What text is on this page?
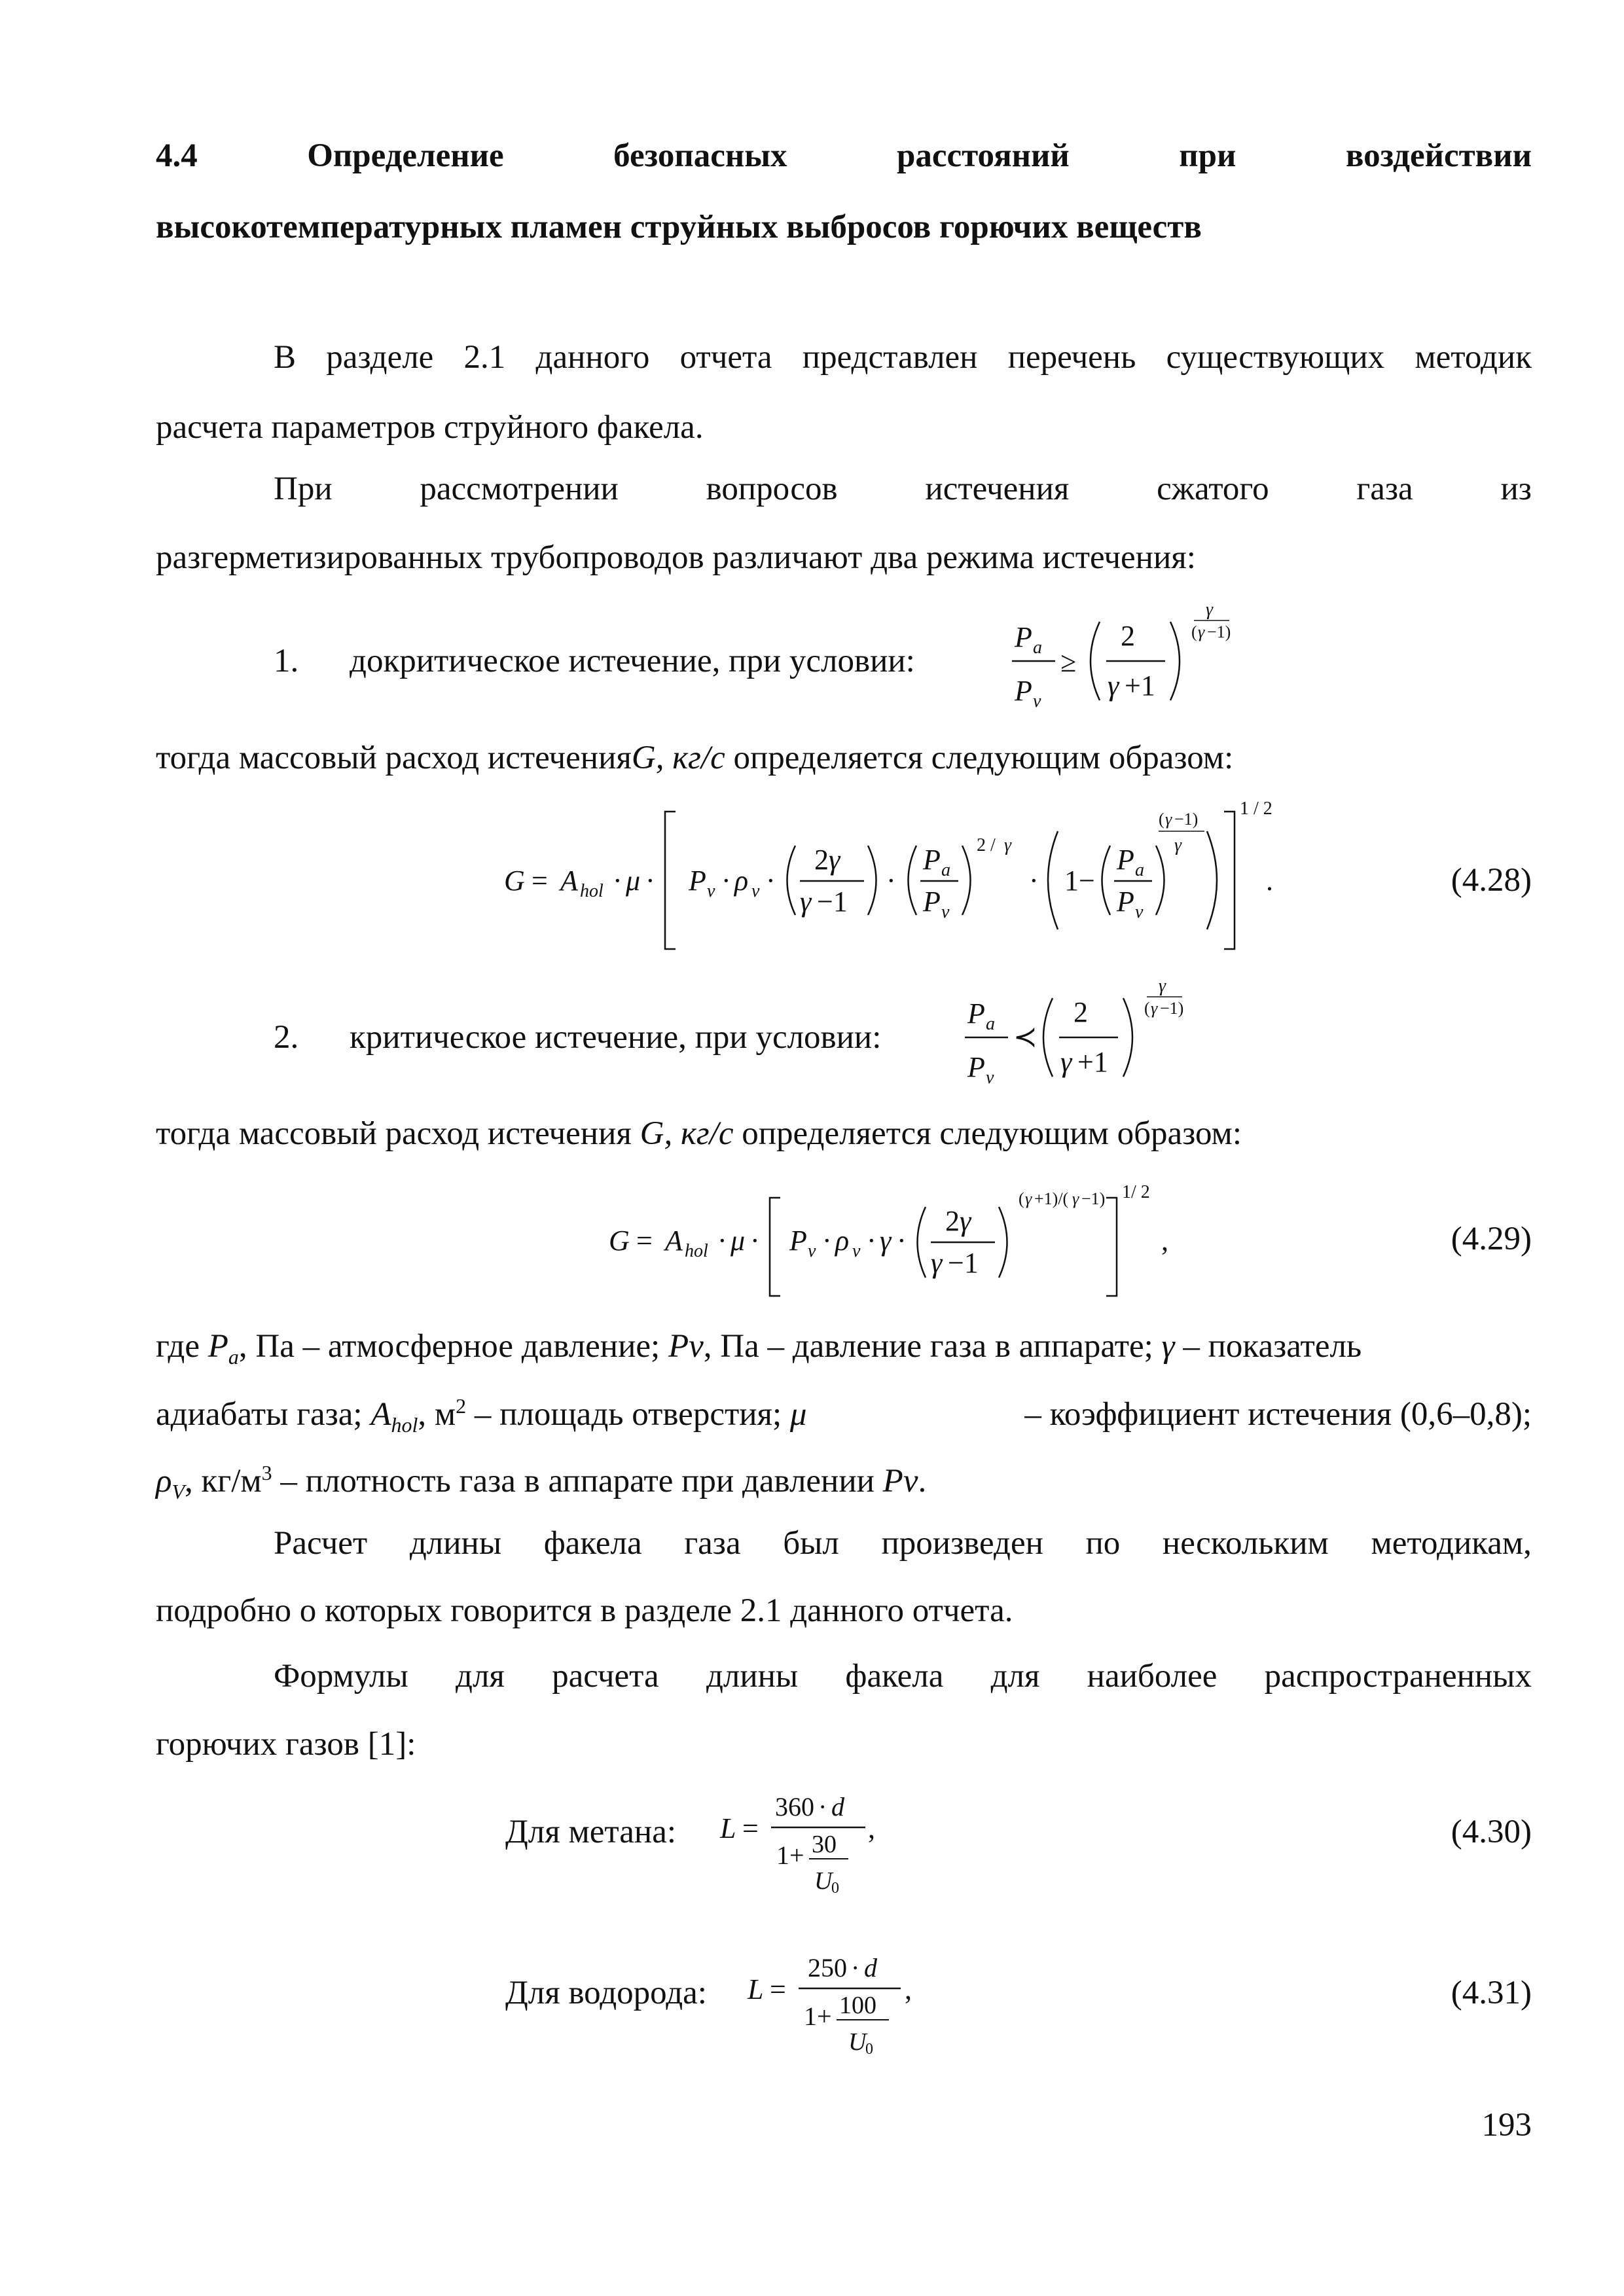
4.4	Определение	безопасных	расстояний	при	воздействии
высокотемпературных пламен струйных выбросов горючих веществ
В разделе 2.1 данного отчета представлен перечень существующих методик
расчета параметров струйного факела.
При	рассмотрении	вопросов	истечения	сжатого	газа	из
разгерметизированных трубопроводов различают два режима истечения:
1. докритическое истечение, при условии:
P a
P v
≥
2
γ +1
γ
( γ −1)
тогда массовый расход истеченияG, кг/с определяется следующим образом:
G = A hol · μ · P v · ρ v ·
2 γ
γ −1
·
P a
P v
2 / γ
· 1−
P a
P v
( γ −1)
γ
1 / 2
.	(4.28)
2. критическое истечение, при условии:
P a
P v
≺
2
γ +1
γ
( γ −1)
тогда массовый расход истечения G, кг/с определяется следующим образом:
G = A hol · μ · P v · ρ v · γ ·
2 γ
γ −1
( γ +1)/( γ −1) 1/ 2
,	(4.29)
где $P_a$, Па – атмосферное давление; Pv, Па – давление газа в аппарате; γ – показатель
адиабаты газа; $A_{hol}$, $м^2$ – площадь отверстия; μ	– коэффициент истечения (0,6–0,8);
$\rho_V$, $кг/м^3$ – плотность газа в аппарате при давлении Pv.
Расчет длины факела газа был произведен по нескольким методикам,
подробно о которых говорится в разделе 2.1 данного отчета.
Формулы для расчета длины факела для наиболее распространенных
горючих газов [1]:
Для метана: L =
360 · d
1+ 30
U
0
,	(4.30)
Для водорода: L =
250 · d
1+ 100
U
0
,	(4.31)
193
